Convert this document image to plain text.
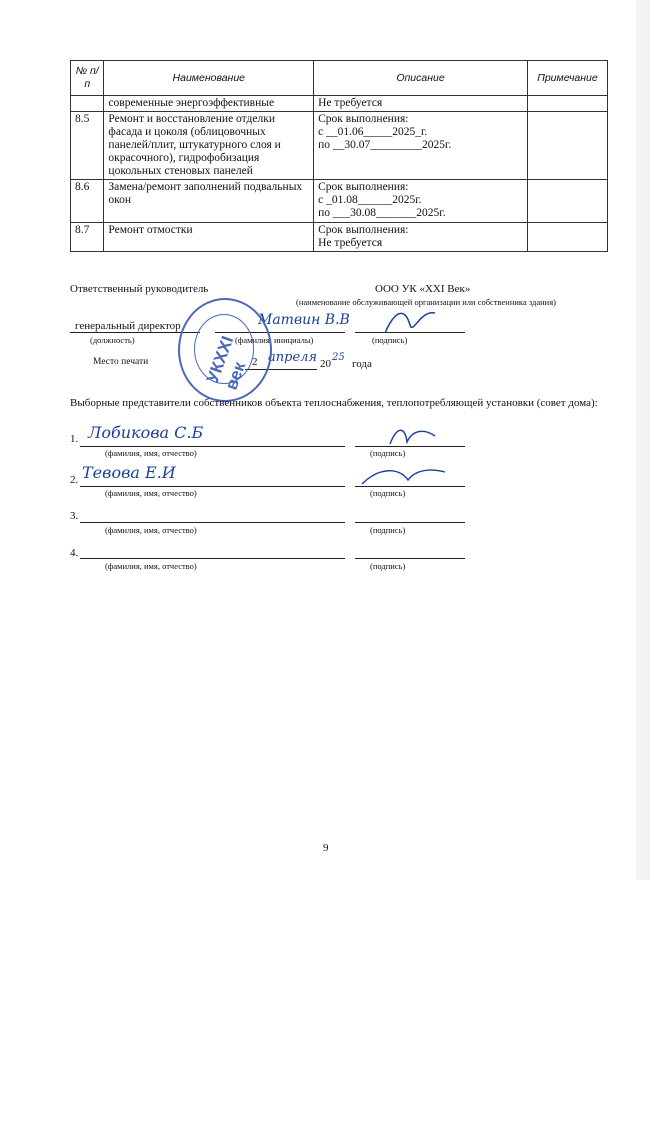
№ п/п	Наименование	Описание	Примечание
	современные энергоэффективные	Не требуется	
8.5	Ремонт и восстановление отделки фасада и цоколя (облицовочных панелей/плит, штукатурного слоя и окрасочного), гидрофобизация цокольных стеновых панелей	Срок выполнения:
с __01.06_____2025_г.
по __30.07_________2025г.	
8.6	Замена/ремонт заполнений подвальных окон	Срок выполнения:
с _01.08______2025г.
по ___30.08_______2025г.	
8.7	Ремонт отмостки	Срок выполнения:
Не требуется	
Ответственный руководитель	ООО УК «XXI Век»
(наименование обслуживающей организации или собственника здания)
генеральный директор
(должность)	(фамилия, инициалы)	(подпись)
Матвин В.В
Место печати	2 апреля 20
25
года
УКXXI век
Выборные представители собственников объекта теплоснабжения, теплопотребляющей установки (совет дома):
1. Лобикова С.Б
(фамилия, имя, отчество)	(подпись)
2. Тевова Е.И
(фамилия, имя, отчество)	(подпись)
3.
(фамилия, имя, отчество)	(подпись)
4.
(фамилия, имя, отчество)	(подпись)
9
